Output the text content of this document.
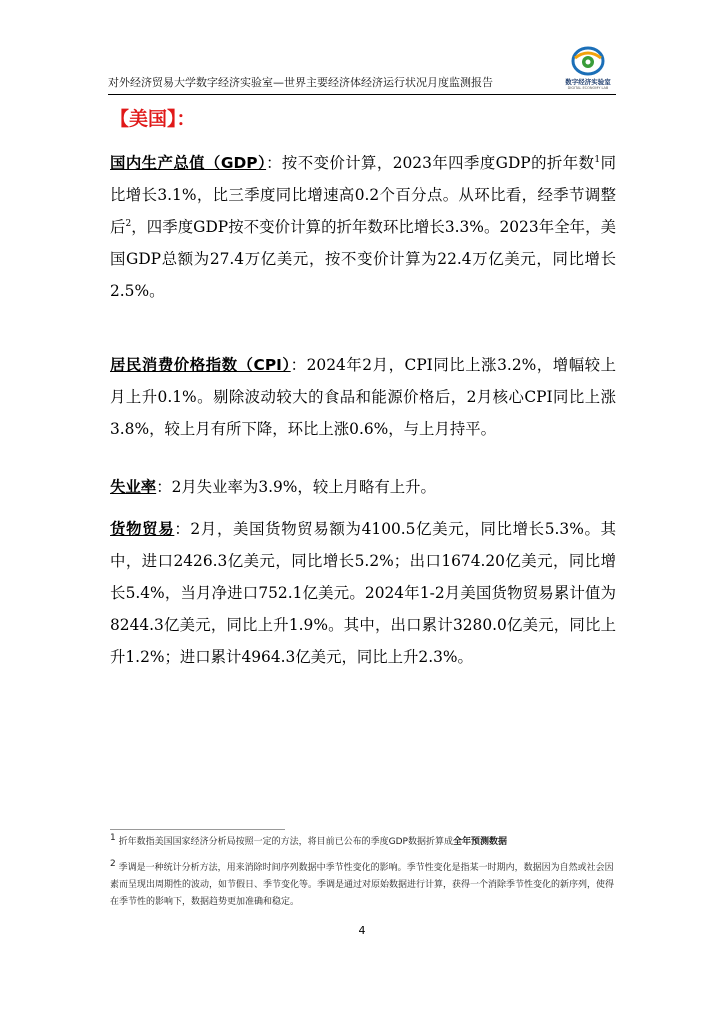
对外经济贸易大学数字经济实验室—世界主要经济体经济运行状况月度监测报告	数字经济实验室
DIGITAL ECONOMY LAB
【美国】：
国内生产总值（GDP）：按不变价计算，2023年四季度GDP的折年数$^1$同比增长3.1%，比三季度同比增速高0.2个百分点。从环比看，经季节调整后$^2$，四季度GDP按不变价计算的折年数环比增长3.3%。2023年全年，美国GDP总额为27.4万亿美元，按不变价计算为22.4万亿美元，同比增长2.5%。
居民消费价格指数（CPI）：2024年2月，CPI同比上涨3.2%，增幅较上月上升0.1%。剔除波动较大的食品和能源价格后，2月核心CPI同比上涨3.8%，较上月有所下降，环比上涨0.6%，与上月持平。
失业率：2月失业率为3.9%，较上月略有上升。
货物贸易：2月，美国货物贸易额为4100.5亿美元，同比增长5.3%。其中，进口2426.3亿美元，同比增长5.2%；出口1674.20亿美元，同比增长5.4%，当月净进口752.1亿美元。2024年1-2月美国货物贸易累计值为8244.3亿美元，同比上升1.9%。其中，出口累计3280.0亿美元，同比上升1.2%；进口累计4964.3亿美元，同比上升2.3%。
$^1$ 折年数指美国国家经济分析局按照一定的方法，将目前已公布的季度GDP数据折算成全年预测数据
$^2$ 季调是一种统计分析方法，用来消除时间序列数据中季节性变化的影响。季节性变化是指某一时期内，数据因为自然或社会因素而呈现出周期性的波动，如节假日、季节变化等。季调是通过对原始数据进行计算，获得一个消除季节性变化的新序列，使得在季节性的影响下，数据趋势更加准确和稳定。
4
